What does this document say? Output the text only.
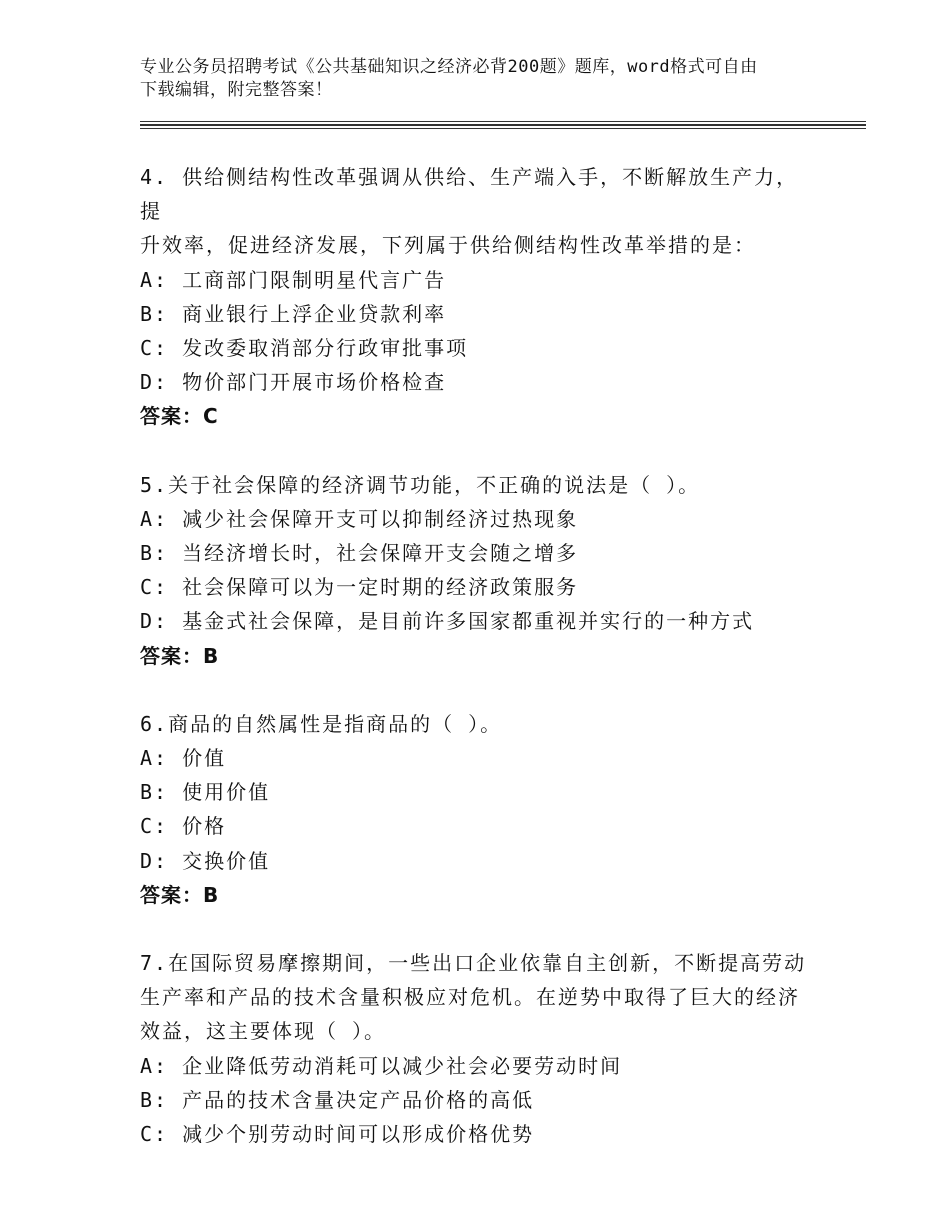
专业公务员招聘考试《公共基础知识之经济必背200题》题库，word格式可自由
下载编辑，附完整答案！

4. 供给侧结构性改革强调从供给、生产端入手，不断解放生产力，提

升效率，促进经济发展，下列属于供给侧结构性改革举措的是：

A: 工商部门限制明星代言广告

B: 商业银行上浮企业贷款利率

C: 发改委取消部分行政审批事项

D: 物价部门开展市场价格检查

答案：C

5.关于社会保障的经济调节功能，不正确的说法是（ ）。

A: 减少社会保障开支可以抑制经济过热现象

B: 当经济增长时，社会保障开支会随之增多

C: 社会保障可以为一定时期的经济政策服务

D: 基金式社会保障，是目前许多国家都重视并实行的一种方式

答案：B

6.商品的自然属性是指商品的（ ）。

A: 价值

B: 使用价值

C: 价格

D: 交换价值

答案：B

7.在国际贸易摩擦期间，一些出口企业依靠自主创新，不断提高劳动

生产率和产品的技术含量积极应对危机。在逆势中取得了巨大的经济

效益，这主要体现（ ）。

A: 企业降低劳动消耗可以减少社会必要劳动时间

B: 产品的技术含量决定产品价格的高低

C: 减少个别劳动时间可以形成价格优势
